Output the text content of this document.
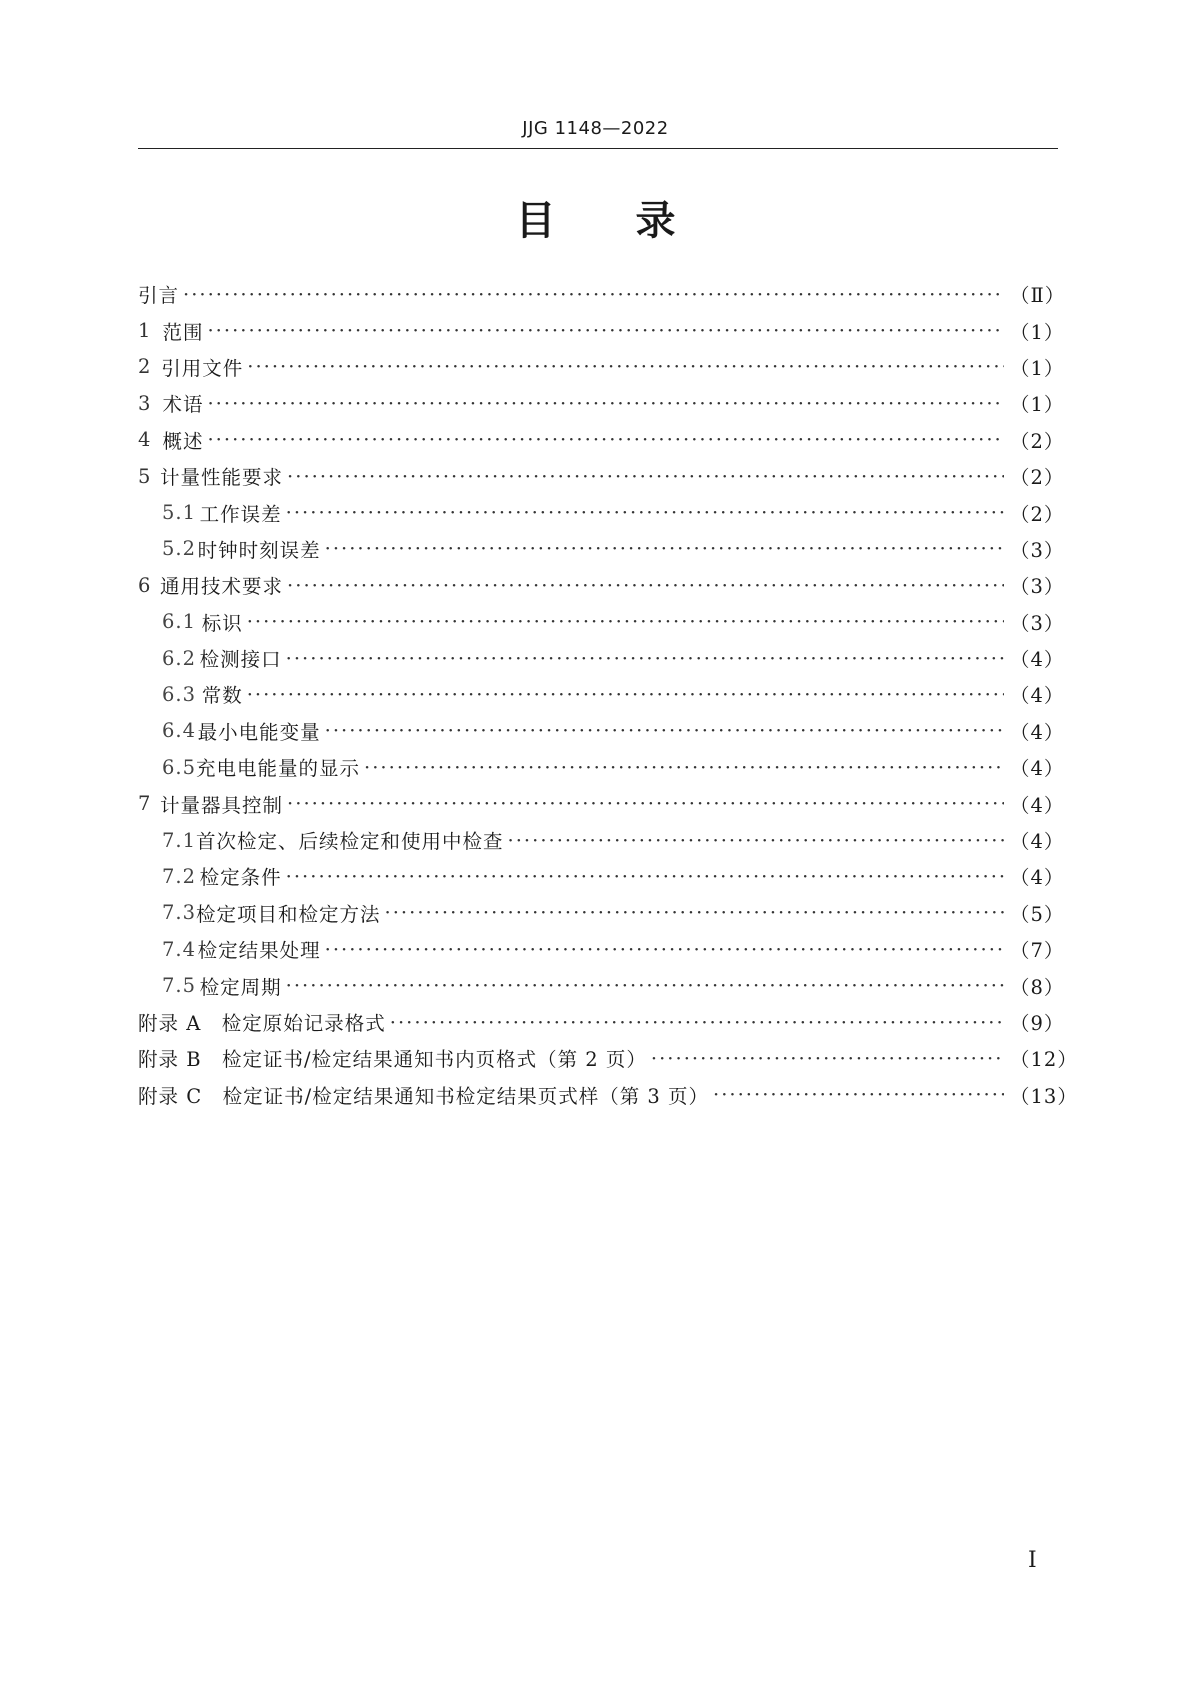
JJG 1148—2022
目 录
引言 ·····	（Ⅱ）
1 范围 ·····	（1）
2 引用文件 ·····	（1）
3 术语 ·····	（1）
4 概述 ·····	（2）
5 计量性能要求 ·····	（2）
5.1 工作误差 ·····	（2）
5.2 时钟时刻误差 ·····	（3）
6 通用技术要求 ·····	（3）
6.1 标识 ·····	（3）
6.2 检测接口 ·····	（4）
6.3 常数 ·····	（4）
6.4 最小电能变量 ·····	（4）
6.5 充电电能量的显示 ·····	（4）
7 计量器具控制 ·····	（4）
7.1 首次检定、后续检定和使用中检查 ·····	（4）
7.2 检定条件 ·····	（4）
7.3 检定项目和检定方法 ·····	（5）
7.4 检定结果处理 ·····	（7）
7.5 检定周期 ·····	（8）
附录 A　检定原始记录格式 ·····	（9）
附录 B　检定证书/检定结果通知书内页格式（第 2 页） ·····	（12）
附录 C　检定证书/检定结果通知书检定结果页式样（第 3 页） ·····	（13）
Ⅰ
